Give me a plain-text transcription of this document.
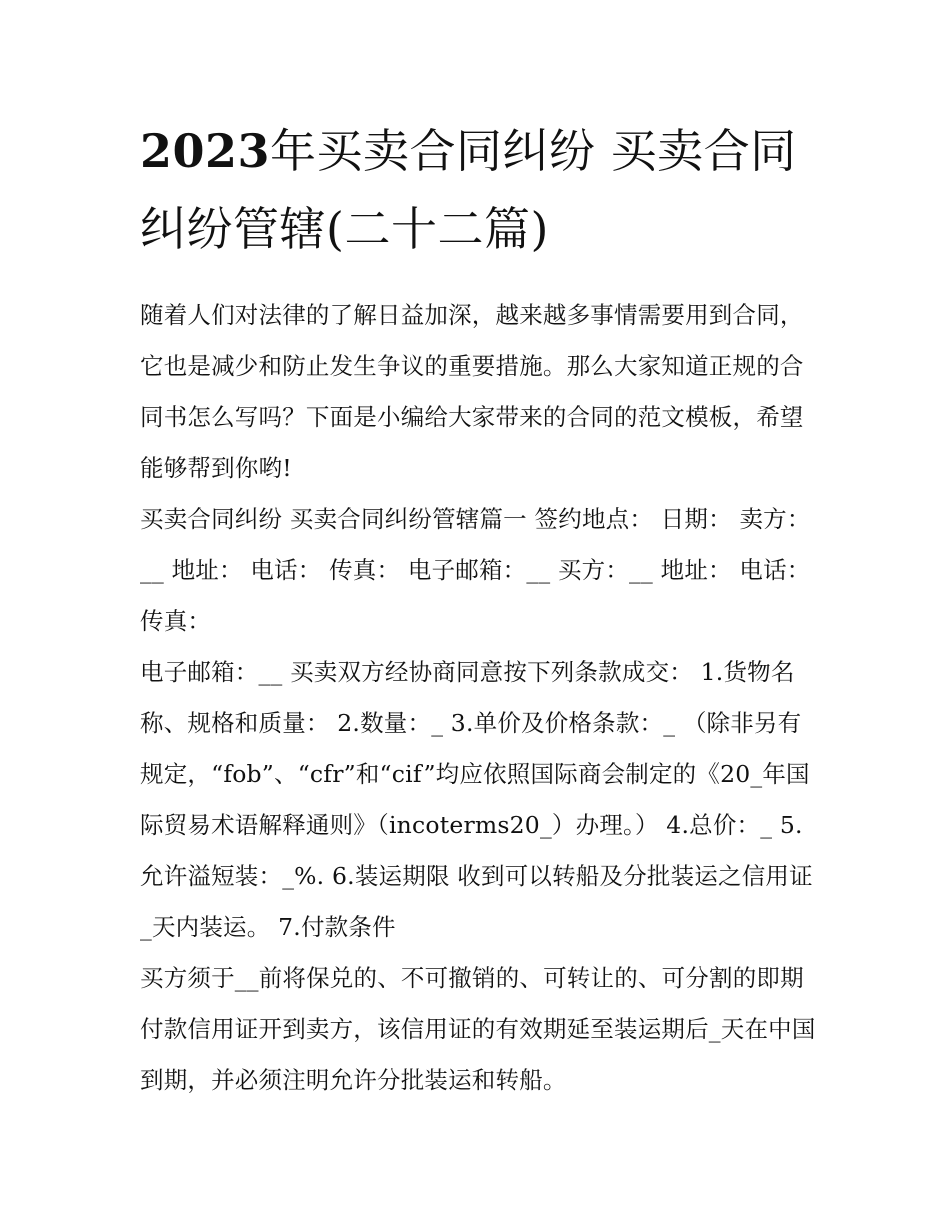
2023年买卖合同纠纷 买卖合同纠纷管辖(二十二篇)

随着人们对法律的了解日益加深，越来越多事情需要用到合同，它也是减少和防止发生争议的重要措施。那么大家知道正规的合同书怎么写吗？下面是小编给大家带来的合同的范文模板，希望能够帮到你哟!

买卖合同纠纷 买卖合同纠纷管辖篇一 签约地点： 日期： 卖方：__ 地址： 电话： 传真： 电子邮箱：__ 买方：__ 地址： 电话： 传真：

电子邮箱：__ 买卖双方经协商同意按下列条款成交： 1.货物名称、规格和质量： 2.数量：_ 3.单价及价格条款：_ （除非另有规定，“fob”、“cfr”和“cif”均应依照国际商会制定的《20_年国际贸易术语解释通则》（incoterms20_）办理。） 4.总价：_ 5.允许溢短装：_%. 6.装运期限 收到可以转船及分批装运之信用证_天内装运。 7.付款条件

买方须于__前将保兑的、不可撤销的、可转让的、可分割的即期付款信用证开到卖方，该信用证的有效期延至装运期后_天在中国到期，并必须注明允许分批装运和转船。
